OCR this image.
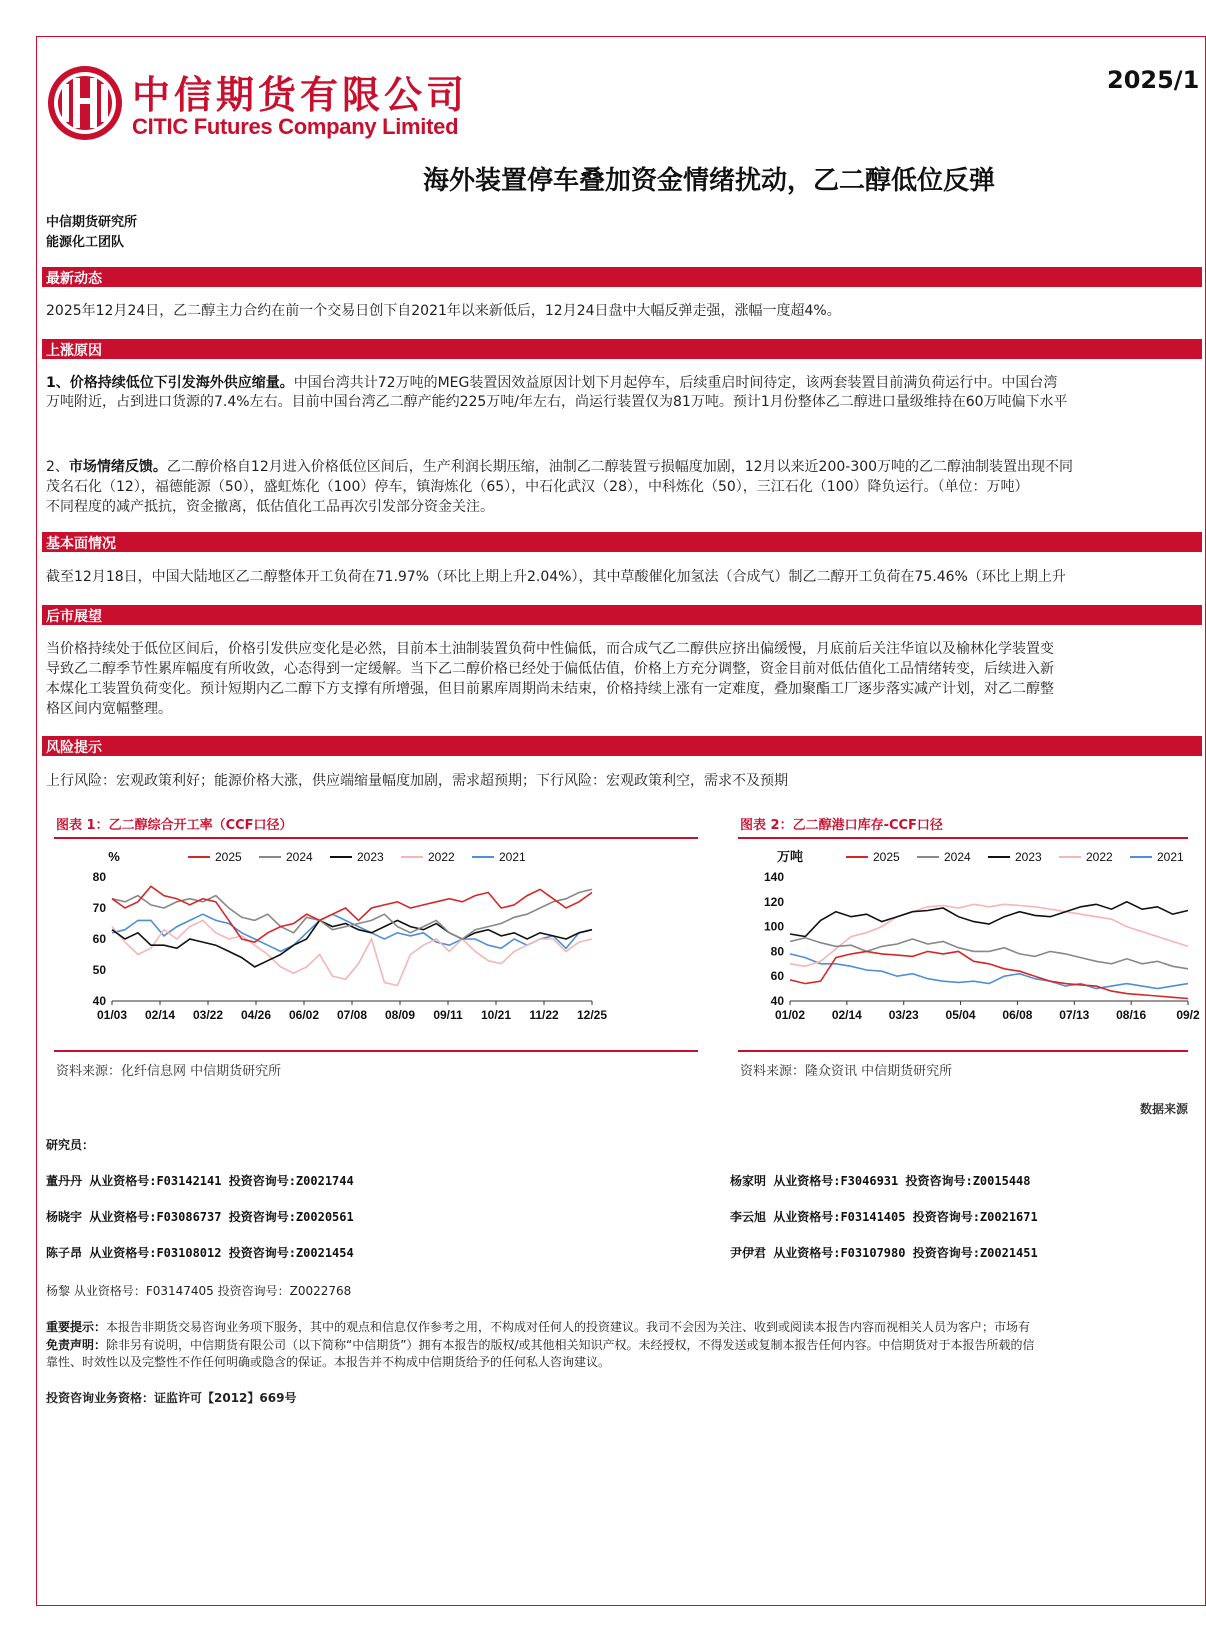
中信期货有限公司
CITIC Futures Company Limited
2025/1
海外装置停车叠加资金情绪扰动，乙二醇低位反弹
中信期货研究所
能源化工团队
最新动态
2025年12月24日，乙二醇主力合约在前一个交易日创下自2021年以来新低后，12月24日盘中大幅反弹走强，涨幅一度超4%。
上涨原因
1、价格持续低位下引发海外供应缩量。中国台湾共计72万吨的MEG装置因效益原因计划下月起停车，后续重启时间待定，该两套装置目前满负荷运行中。中国台湾
万吨附近，占到进口货源的7.4%左右。目前中国台湾乙二醇产能约225万吨/年左右，尚运行装置仅为81万吨。预计1月份整体乙二醇进口量级维持在60万吨偏下水平
2、市场情绪反馈。乙二醇价格自12月进入价格低位区间后，生产利润长期压缩，油制乙二醇装置亏损幅度加剧，12月以来近200-300万吨的乙二醇油制装置出现不同
茂名石化（12），福德能源（50），盛虹炼化（100）停车，镇海炼化（65），中石化武汉（28），中科炼化（50），三江石化（100）降负运行。（单位：万吨）
不同程度的减产抵抗，资金撤离，低估值化工品再次引发部分资金关注。
基本面情况
截至12月18日，中国大陆地区乙二醇整体开工负荷在71.97%（环比上期上升2.04%），其中草酸催化加氢法（合成气）制乙二醇开工负荷在75.46%（环比上期上升
后市展望
当价格持续处于低位区间后，价格引发供应变化是必然，目前本土油制装置负荷中性偏低，而合成气乙二醇供应挤出偏缓慢，月底前后关注华谊以及榆林化学装置变
导致乙二醇季节性累库幅度有所收敛，心态得到一定缓解。当下乙二醇价格已经处于偏低估值，价格上方充分调整，资金目前对低估值化工品情绪转变，后续进入新
本煤化工装置负荷变化。预计短期内乙二醇下方支撑有所增强，但目前累库周期尚未结束，价格持续上涨有一定难度，叠加聚酯工厂逐步落实减产计划，对乙二醇整
格区间内宽幅整理。
风险提示
上行风险：宏观政策利好；能源价格大涨，供应端缩量幅度加剧，需求超预期；下行风险：宏观政策利空，需求不及预期
图表 1：乙二醇综合开工率（CCF口径）
%	2025	2024	2023	2022	2021
40
50
60
70
80
01/03 02/14 03/22 04/26 06/02 07/08 08/09 09/11 10/21 11/22 12/25
资料来源：化纤信息网 中信期货研究所
图表 2：乙二醇港口库存-CCF口径
万吨	2025	2024	2023	2022	2021
40
60
80
100
120
140
01/02 02/14 03/23 05/04 06/08 07/13 08/16	09/2
资料来源：隆众资讯 中信期货研究所
数据来源
研究员：
杨黎 从业资格号：F03147405 投资咨询号：Z0022768
重要提示：本报告非期货交易咨询业务项下服务，其中的观点和信息仅作参考之用，不构成对任何人的投资建议。我司不会因为关注、收到或阅读本报告内容而视相关人员为客户；市场有
免责声明：除非另有说明，中信期货有限公司（以下简称“中信期货”）拥有本报告的版权/或其他相关知识产权。未经授权，不得发送或复制本报告任何内容。中信期货对于本报告所载的信
靠性、时效性以及完整性不作任何明确或隐含的保证。本报告并不构成中信期货给予的任何私人咨询建议。
投资咨询业务资格：证监许可【2012】669号
董丹丹 从业资格号:F03142141 投资咨询号:Z0021744
杨晓宇 从业资格号:F03086737 投资咨询号:Z0020561
陈子昂 从业资格号:F03108012 投资咨询号:Z0021454
杨家明 从业资格号:F3046931 投资咨询号:Z0015448
李云旭 从业资格号:F03141405 投资咨询号:Z0021671
尹伊君 从业资格号:F03107980 投资咨询号:Z0021451
